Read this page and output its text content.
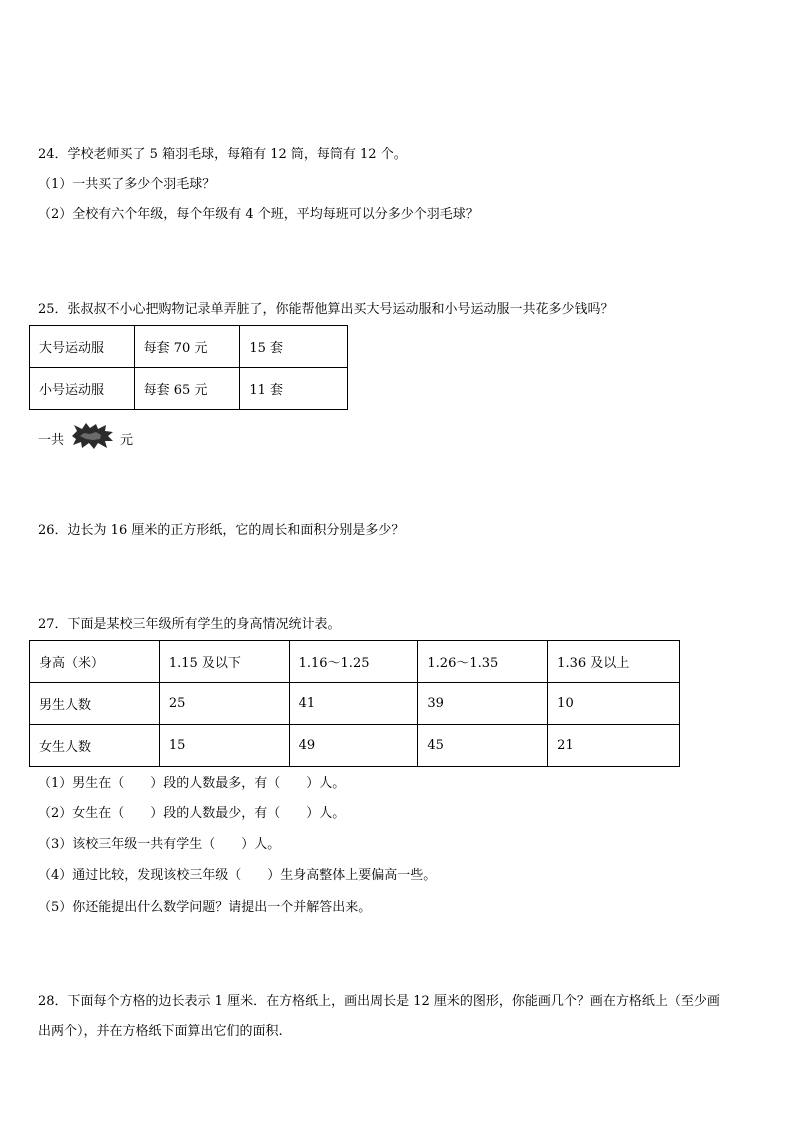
24．学校老师买了 5 箱羽毛球，每箱有 12 筒，每筒有 12 个。
（1）一共买了多少个羽毛球？
（2）全校有六个年级，每个年级有 4 个班，平均每班可以分多少个羽毛球？
25．张叔叔不小心把购物记录单弄脏了，你能帮他算出买大号运动服和小号运动服一共花多少钱吗？
大号运动服	每套 70 元	15 套
小号运动服	每套 65 元	11 套
一共	元
26．边长为 16 厘米的正方形纸，它的周长和面积分别是多少？
27．下面是某校三年级所有学生的身高情况统计表。
身高（米）	1.15 及以下	1.16～1.25	1.26～1.35	1.36 及以上
男生人数	25	41	39	10
女生人数	15	49	45	21
（1）男生在（　　）段的人数最多，有（　　）人。
（2）女生在（　　）段的人数最少，有（　　）人。
（3）该校三年级一共有学生（　　）人。
（4）通过比较，发现该校三年级（　　）生身高整体上要偏高一些。
（5）你还能提出什么数学问题？请提出一个并解答出来。
28．下面每个方格的边长表示 1 厘米．在方格纸上，画出周长是 12 厘米的图形，你能画几个？画在方格纸上（至少画
出两个），并在方格纸下面算出它们的面积.
